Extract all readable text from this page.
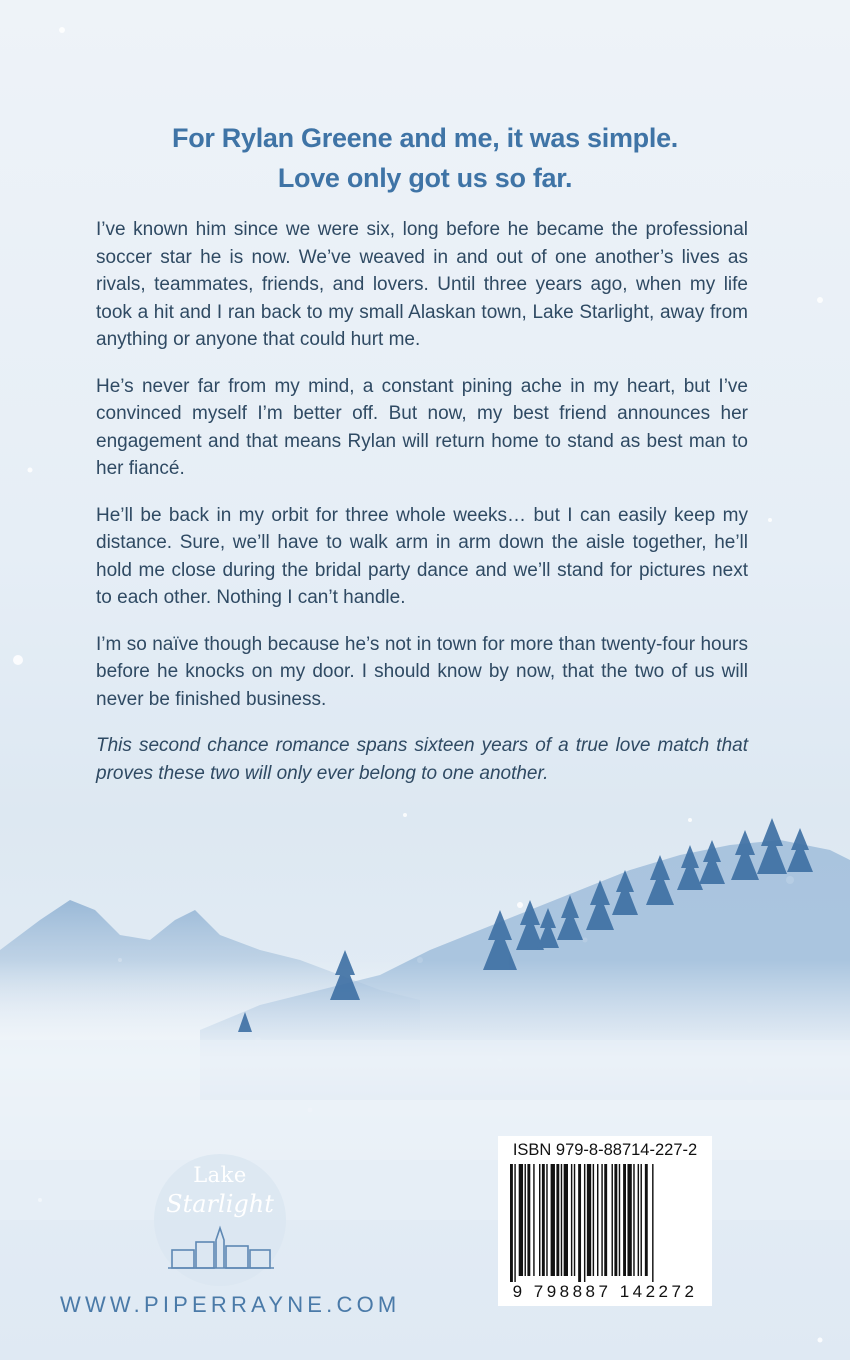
For Rylan Greene and me, it was simple.
Love only got us so far.

I’ve known him since we were six, long before he became the professional soccer star he is now. We’ve weaved in and out of one another’s lives as rivals, teammates, friends, and lovers. Until three years ago, when my life took a hit and I ran back to my small Alaskan town, Lake Starlight, away from anything or anyone that could hurt me.

He’s never far from my mind, a constant pining ache in my heart, but I’ve convinced myself I’m better off. But now, my best friend announces her engagement and that means Rylan will return home to stand as best man to her fiancé.

He’ll be back in my orbit for three whole weeks… but I can easily keep my distance. Sure, we’ll have to walk arm in arm down the aisle together, he’ll hold me close during the bridal party dance and we’ll stand for pictures next to each other. Nothing I can’t handle.

I’m so naïve though because he’s not in town for more than twenty-four hours before he knocks on my door. I should know by now, that the two of us will never be finished business.

This second chance romance spans sixteen years of a true love match that proves these two will only ever belong to one another.

Lake
Starlight
WWW.PIPERRAYNE.COM
ISBN 979-8-88714-227-2
9 798887 142272
